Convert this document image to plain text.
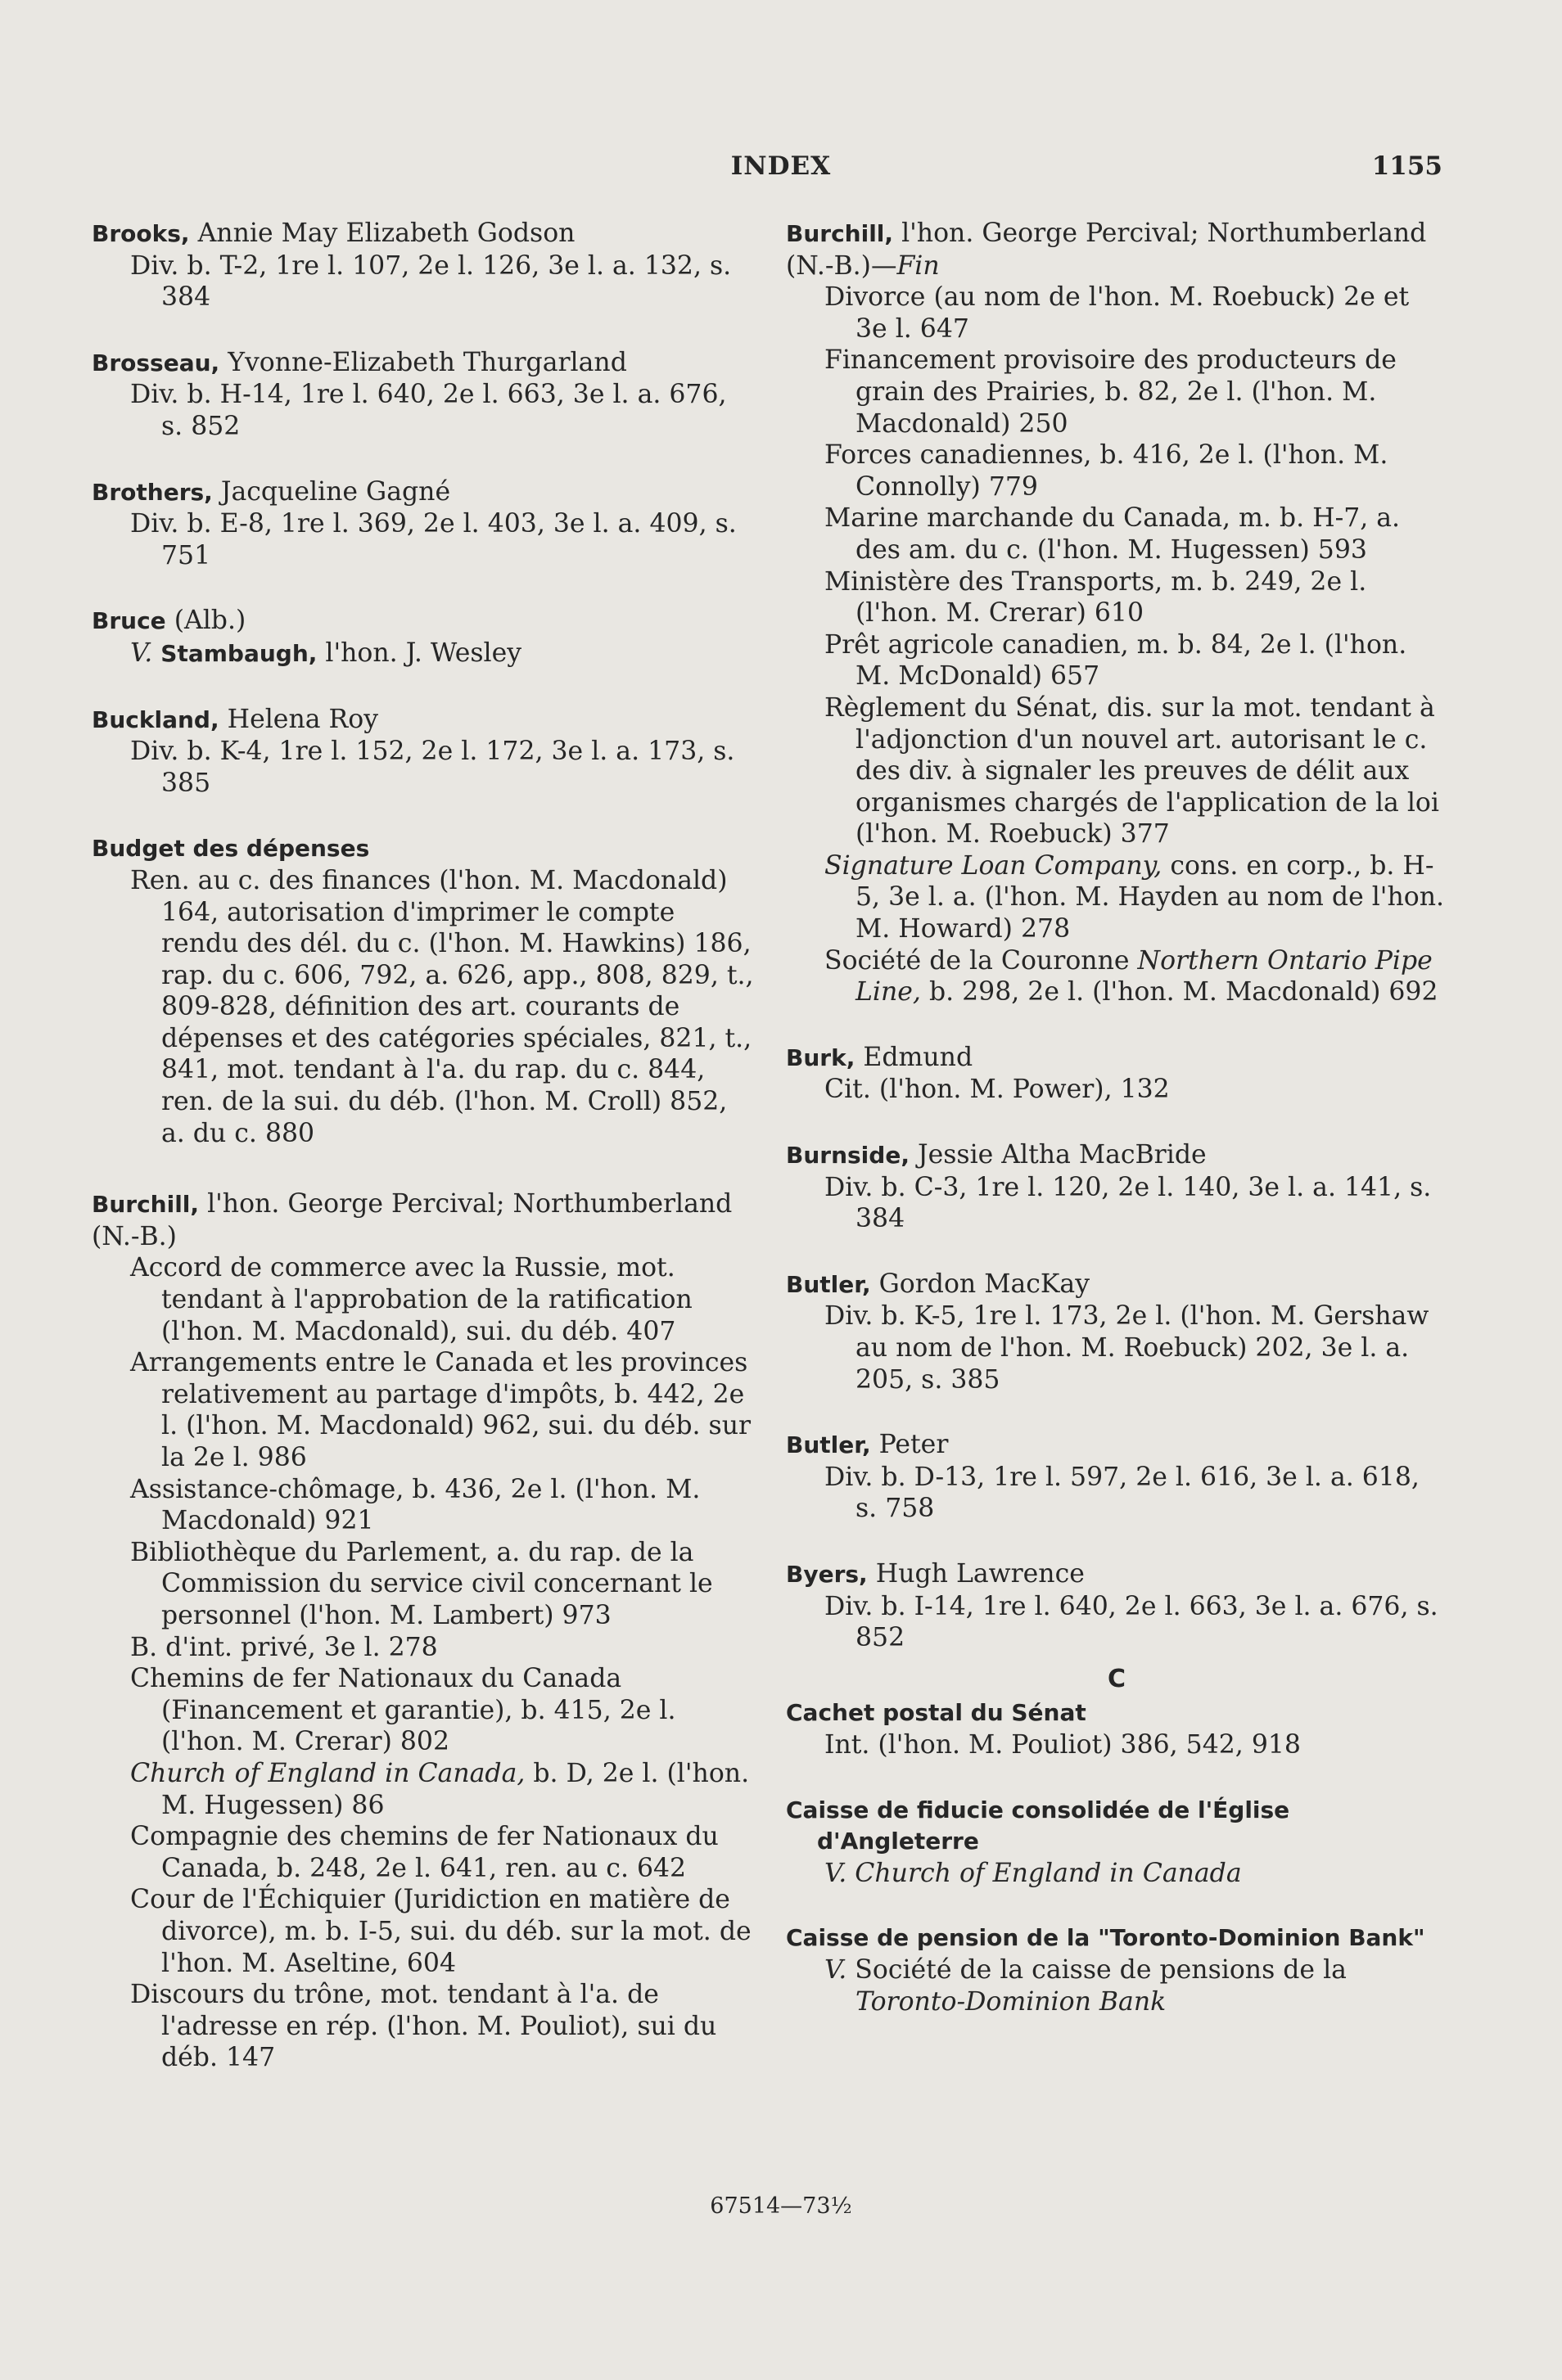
INDEX	1155
Brooks, Annie May Elizabeth Godson
Div. b. T-2, 1re l. 107, 2e l. 126, 3e l. a. 132, s. 384
Brosseau, Yvonne-Elizabeth Thurgarland
Div. b. H-14, 1re l. 640, 2e l. 663, 3e l. a. 676, s. 852
Brothers, Jacqueline Gagné
Div. b. E-8, 1re l. 369, 2e l. 403, 3e l. a. 409, s. 751
Bruce (Alb.)
V. Stambaugh, l'hon. J. Wesley
Buckland, Helena Roy
Div. b. K-4, 1re l. 152, 2e l. 172, 3e l. a. 173, s. 385
Budget des dépenses
Ren. au c. des finances (l'hon. M. Macdonald) 164, autorisation d'imprimer le compte rendu des dél. du c. (l'hon. M. Hawkins) 186, rap. du c. 606, 792, a. 626, app., 808, 829, t., 809-828, définition des art. courants de dépenses et des catégories spéciales, 821, t., 841, mot. tendant à l'a. du rap. du c. 844, ren. de la sui. du déb. (l'hon. M. Croll) 852, a. du c. 880
Burchill, l'hon. George Percival; Northumberland (N.-B.)
Accord de commerce avec la Russie, mot. tendant à l'approbation de la ratification (l'hon. M. Macdonald), sui. du déb. 407
Arrangements entre le Canada et les provinces relativement au partage d'impôts, b. 442, 2e l. (l'hon. M. Macdonald) 962, sui. du déb. sur la 2e l. 986
Assistance-chômage, b. 436, 2e l. (l'hon. M. Macdonald) 921
Bibliothèque du Parlement, a. du rap. de la Commission du service civil concernant le personnel (l'hon. M. Lambert) 973
B. d'int. privé, 3e l. 278
Chemins de fer Nationaux du Canada (Financement et garantie), b. 415, 2e l. (l'hon. M. Crerar) 802
Church of England in Canada, b. D, 2e l. (l'hon. M. Hugessen) 86
Compagnie des chemins de fer Nationaux du Canada, b. 248, 2e l. 641, ren. au c. 642
Cour de l'Échiquier (Juridiction en matière de divorce), m. b. I-5, sui. du déb. sur la mot. de l'hon. M. Aseltine, 604
Discours du trône, mot. tendant à l'a. de l'adresse en rép. (l'hon. M. Pouliot), sui du déb. 147
Burchill, l'hon. George Percival; Northumberland (N.-B.)—Fin
Divorce (au nom de l'hon. M. Roebuck) 2e et 3e l. 647
Financement provisoire des producteurs de grain des Prairies, b. 82, 2e l. (l'hon. M. Macdonald) 250
Forces canadiennes, b. 416, 2e l. (l'hon. M. Connolly) 779
Marine marchande du Canada, m. b. H-7, a. des am. du c. (l'hon. M. Hugessen) 593
Ministère des Transports, m. b. 249, 2e l. (l'hon. M. Crerar) 610
Prêt agricole canadien, m. b. 84, 2e l. (l'hon. M. McDonald) 657
Règlement du Sénat, dis. sur la mot. tendant à l'adjonction d'un nouvel art. autorisant le c. des div. à signaler les preuves de délit aux organismes chargés de l'application de la loi (l'hon. M. Roebuck) 377
Signature Loan Company, cons. en corp., b. H-5, 3e l. a. (l'hon. M. Hayden au nom de l'hon. M. Howard) 278
Société de la Couronne Northern Ontario Pipe Line, b. 298, 2e l. (l'hon. M. Macdonald) 692
Burk, Edmund
Cit. (l'hon. M. Power), 132
Burnside, Jessie Altha MacBride
Div. b. C-3, 1re l. 120, 2e l. 140, 3e l. a. 141, s. 384
Butler, Gordon MacKay
Div. b. K-5, 1re l. 173, 2e l. (l'hon. M. Gershaw au nom de l'hon. M. Roebuck) 202, 3e l. a. 205, s. 385
Butler, Peter
Div. b. D-13, 1re l. 597, 2e l. 616, 3e l. a. 618, s. 758
Byers, Hugh Lawrence
Div. b. I-14, 1re l. 640, 2e l. 663, 3e l. a. 676, s. 852
C
Cachet postal du Sénat
Int. (l'hon. M. Pouliot) 386, 542, 918
Caisse de fiducie consolidée de l'Église d'Angleterre
V. Church of England in Canada
Caisse de pension de la "Toronto-Dominion Bank"
V. Société de la caisse de pensions de la Toronto-Dominion Bank
67514—73½
